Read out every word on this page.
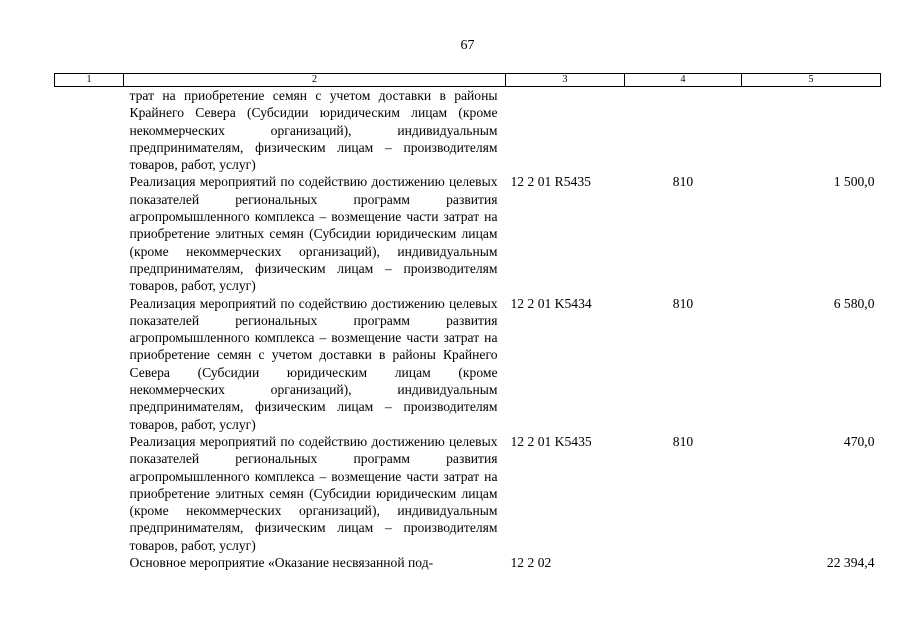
67
1	2	3	4	5
	трат на приобретение семян с учетом доставки в районы Крайнего Севера (Субсидии юридическим лицам (кроме некоммерческих организаций), индивидуальным предпринимателям, физическим лицам – производителям товаров, работ, услуг)			
	Реализация мероприятий по содействию достижению целевых показателей региональных программ развития агропромышленного комплекса – возмещение части затрат на приобретение элитных семян (Субсидии юридическим лицам (кроме некоммерческих организаций), индивидуальным предпринимателям, физическим лицам – производителям товаров, работ, услуг)	12 2 01 R5435	810	1 500,0
	Реализация мероприятий по содействию достижению целевых показателей региональных программ развития агропромышленного комплекса – возмещение части затрат на приобретение семян с учетом доставки в районы Крайнего Севера (Субсидии юридическим лицам (кроме некоммерческих организаций), индивидуальным предпринимателям, физическим лицам – производителям товаров, работ, услуг)	12 2 01 K5434	810	6 580,0
	Реализация мероприятий по содействию достижению целевых показателей региональных программ развития агропромышленного комплекса – возмещение части затрат на приобретение элитных семян (Субсидии юридическим лицам (кроме некоммерческих организаций), индивидуальным предпринимателям, физическим лицам – производителям товаров, работ, услуг)	12 2 01 K5435	810	470,0
	Основное мероприятие «Оказание несвязанной под-	12 2 02		22 394,4
